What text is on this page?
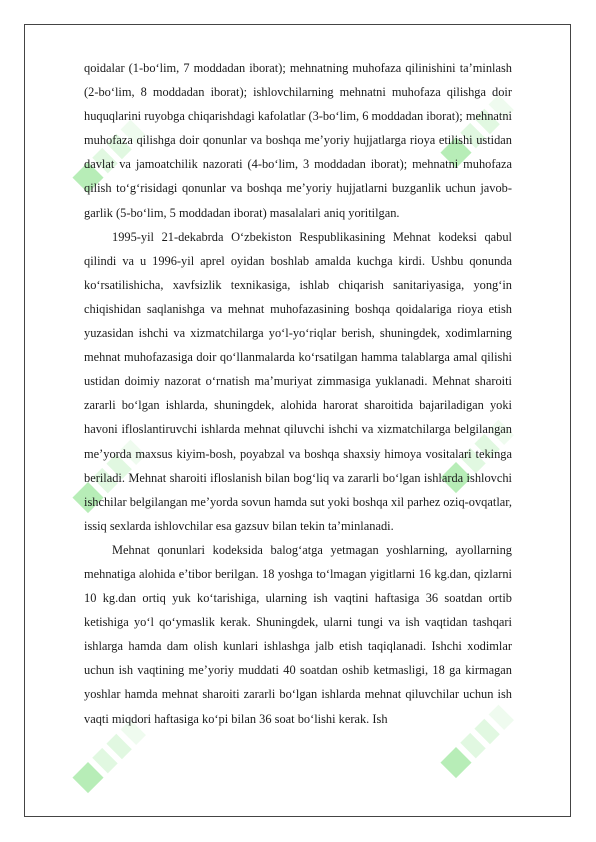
qoidalar (1-bo‘lim, 7 moddadan iborat); mehnatning muhofaza qilinishini ta’minlash (2-bo‘lim, 8 moddadan iborat); ishlovchilarning mehnatni muhofaza qilishga doir huquqlarini ruyobga chiqarishdagi kafolatlar (3-bo‘lim, 6 moddadan iborat); mehnatni muhofaza qilishga doir qonunlar va boshqa me’yoriy hujjatlarga rioya etilishi ustidan davlat va jamoatchilik nazorati (4-bo‘lim, 3 moddadan iborat); mehnatni muhofaza qilish to‘g‘risidagi qonunlar va boshqa me’yoriy hujjatlarni buzganlik uchun javob-garlik (5-bo‘lim, 5 moddadan iborat) masalalari aniq yoritilgan.

1995-yil 21-dekabrda O‘zbekiston Respublikasining Mehnat kodeksi qabul qilindi va u 1996-yil aprel oyidan boshlab amalda kuchga kirdi. Ushbu qonunda ko‘rsatilishicha, xavfsizlik texnikasiga, ishlab chiqarish sanitariyasiga, yong‘in chiqishidan saqlanishga va mehnat muhofazasining boshqa qoidalariga rioya etish yuzasidan ishchi va xizmatchilarga yo‘l-yo‘riqlar berish, shuningdek, xodimlarning mehnat muhofazasiga doir qo‘llanmalarda ko‘rsatilgan hamma talablarga amal qilishi ustidan doimiy nazorat o‘rnatish ma’muriyat zimmasiga yuklanadi. Mehnat sharoiti zararli bo‘lgan ishlarda, shuningdek, alohida harorat sharoitida bajariladigan yoki havoni ifloslantiruvchi ishlarda mehnat qiluvchi ishchi va xizmatchilarga belgilangan me’yorda maxsus kiyim-bosh, poyabzal va boshqa shaxsiy himoya vositalari tekinga beriladi. Mehnat sharoiti ifloslanish bilan bog‘liq va zararli bo‘lgan ishlarda ishlovchi ishchilar belgilangan me’yorda sovun hamda sut yoki boshqa xil parhez oziq-ovqatlar, issiq sexlarda ishlovchilar esa gazsuv bilan tekin ta’minlanadi.

Mehnat qonunlari kodeksida balog‘atga yetmagan yoshlarning, ayollarning mehnatiga alohida e’tibor berilgan. 18 yoshga to‘lmagan yigitlarni 16 kg.dan, qizlarni 10 kg.dan ortiq yuk ko‘tarishiga, ularning ish vaqtini haftasiga 36 soatdan ortib ketishiga yo‘l qo‘ymaslik kerak. Shuningdek, ularni tungi va ish vaqtidan tashqari ishlarga hamda dam olish kunlari ishlashga jalb etish taqiqlanadi. Ishchi xodimlar uchun ish vaqtining me’yoriy muddati 40 soatdan oshib ketmasligi, 18 ga kirmagan yoshlar hamda mehnat sharoiti zararli bo‘lgan ishlarda mehnat qiluvchilar uchun ish vaqti miqdori haftasiga ko‘pi bilan 36 soat bo‘lishi kerak. Ish
